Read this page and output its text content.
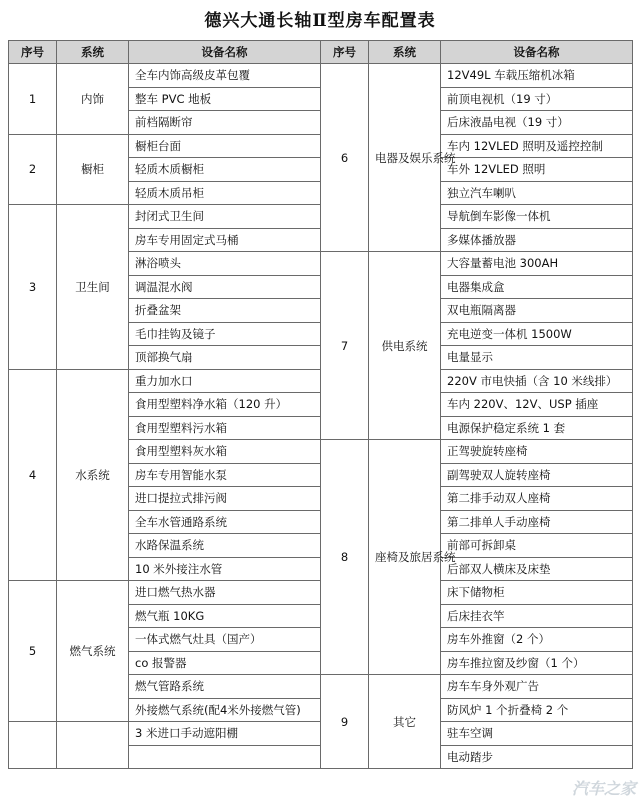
德兴大通长轴Ⅱ型房车配置表
序号	系统	设备名称	序号	系统	设备名称
1	内饰	全车内饰高级皮革包覆	6	电器及娱乐系统	12V49L 车载压缩机冰箱
		整车 PVC 地板			前顶电视机（19 寸）
		前档隔断帘			后床液晶电视（19 寸）
2	橱柜	橱柜台面			车内 12VLED 照明及遥控控制
		轻质木质橱柜			车外 12VLED 照明
		轻质木质吊柜			独立汽车喇叭
3	卫生间	封闭式卫生间			导航倒车影像一体机
		房车专用固定式马桶			多媒体播放器
		淋浴喷头	7	供电系统	大容量蓄电池 300AH
		调温混水阀			电器集成盒
		折叠盆架			双电瓶隔离器
		毛巾挂钩及镜子			充电逆变一体机 1500W
		顶部换气扇			电量显示
4	水系统	重力加水口			220V 市电快插（含 10 米线排）
		食用型塑料净水箱（120 升）			车内 220V、12V、USP 插座
		食用型塑料污水箱			电源保护稳定系统 1 套
		食用型塑料灰水箱	8	座椅及旅居系统	正驾驶旋转座椅
		房车专用智能水泵			副驾驶双人旋转座椅
		进口提拉式排污阀			第二排手动双人座椅
		全车水管通路系统			第二排单人手动座椅
		水路保温系统			前部可拆卸桌
		10 米外接注水管			后部双人横床及床垫
5	燃气系统	进口燃气热水器			床下储物柜
		燃气瓶 10KG			后床挂衣竿
		一体式燃气灶具（国产）			房车外推窗（2 个）
		co 报警器			房车推拉窗及纱窗（1 个）
		燃气管路系统	9	其它	房车车身外观广告
		外接燃气系统(配4米外接燃气管)			防风炉 1 个折叠椅 2 个
		3 米进口手动遮阳棚			驻车空调
					电动踏步
汽车之家
